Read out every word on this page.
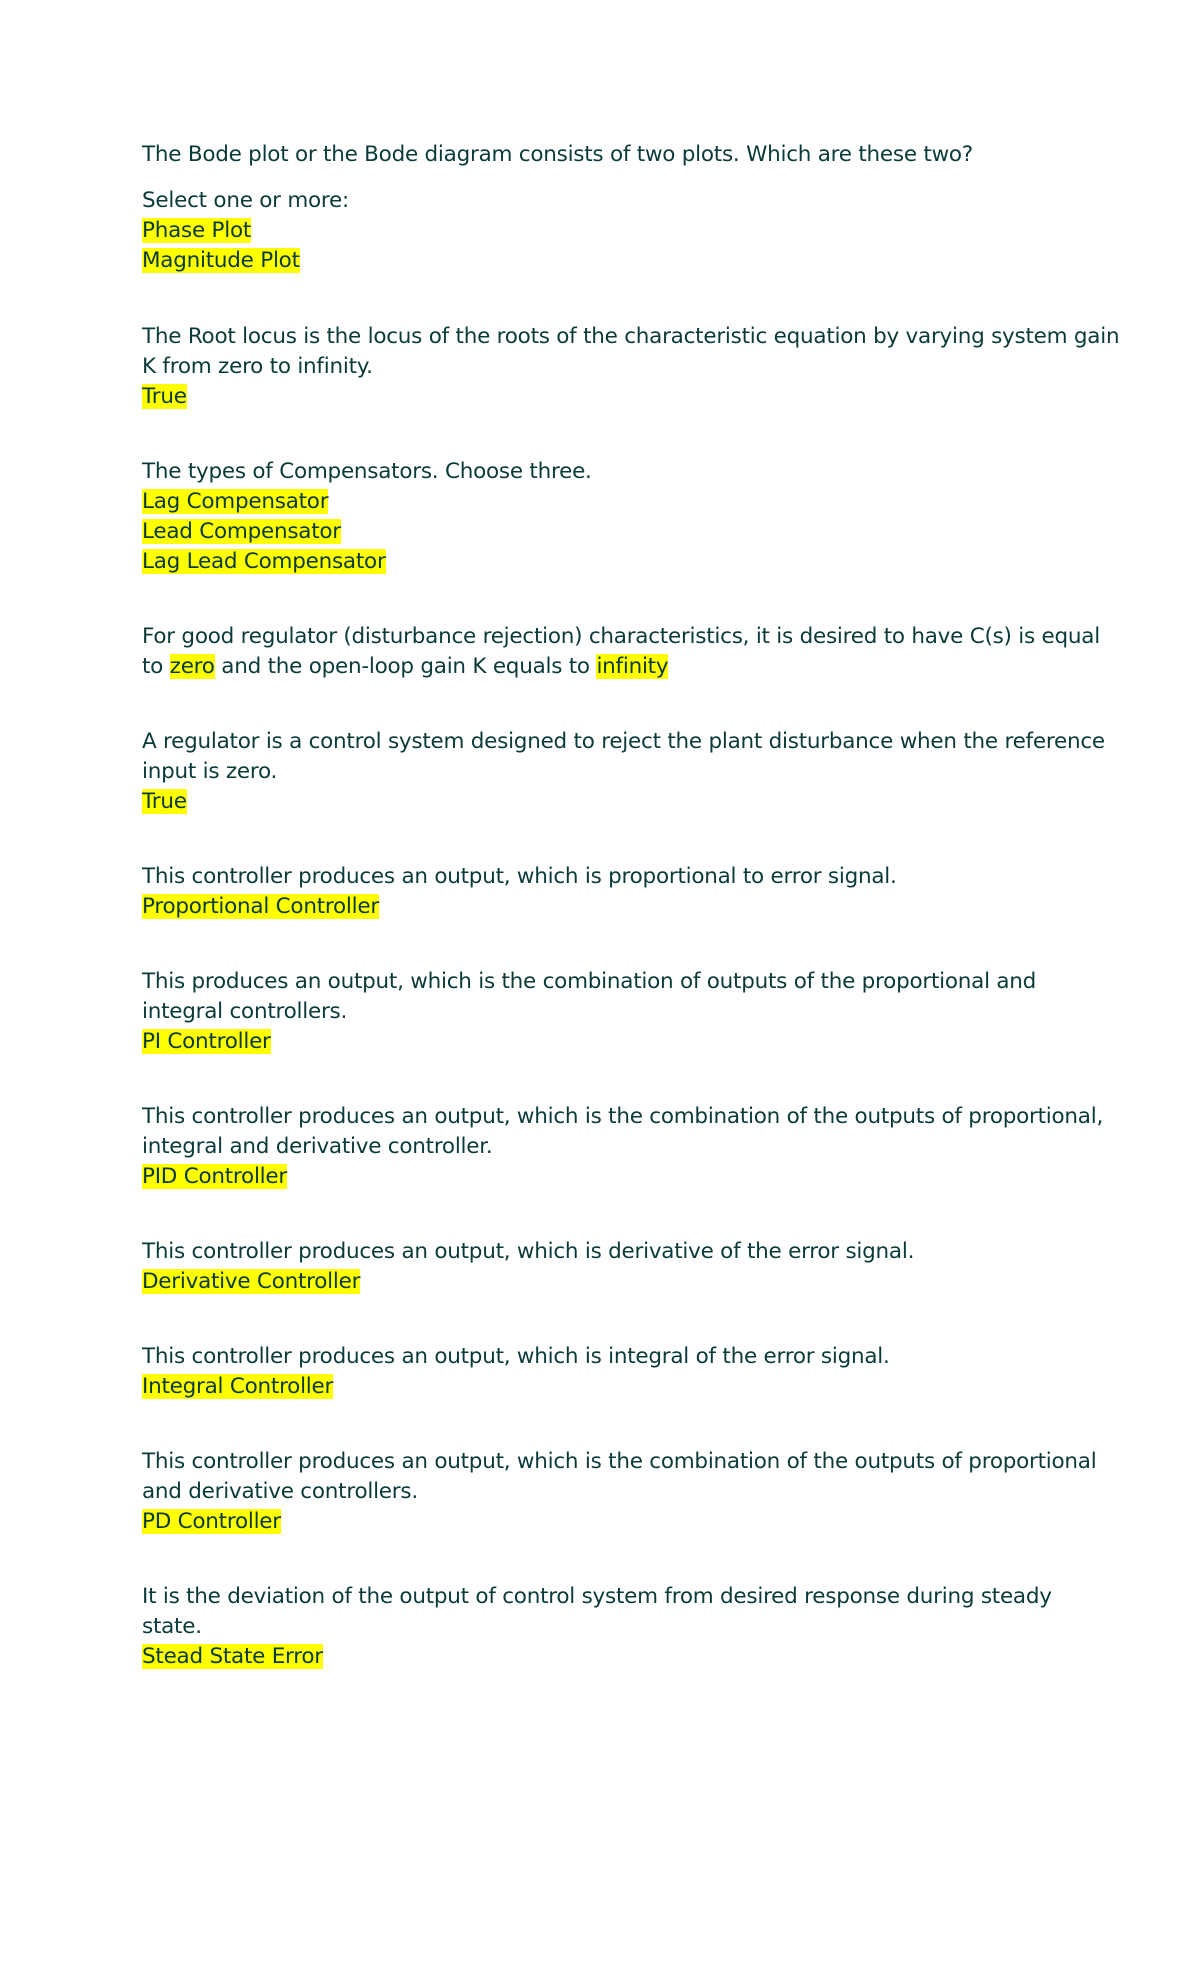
The Bode plot or the Bode diagram consists of two plots. Which are these two?
Select one or more:
Phase Plot
Magnitude Plot
The Root locus is the locus of the roots of the characteristic equation by varying system gain
K from zero to infinity.
True
The types of Compensators. Choose three.
Lag Compensator
Lead Compensator
Lag Lead Compensator
For good regulator (disturbance rejection) characteristics, it is desired to have C(s) is equal
to zero and the open-loop gain K equals to infinity
A regulator is a control system designed to reject the plant disturbance when the reference
input is zero.
True
This controller produces an output, which is proportional to error signal.
Proportional Controller
This produces an output, which is the combination of outputs of the proportional and
integral controllers.
PI Controller
This controller produces an output, which is the combination of the outputs of proportional,
integral and derivative controller.
PID Controller
This controller produces an output, which is derivative of the error signal.
Derivative Controller
This controller produces an output, which is integral of the error signal.
Integral Controller
This controller produces an output, which is the combination of the outputs of proportional
and derivative controllers.
PD Controller
It is the deviation of the output of control system from desired response during steady
state.
Stead State Error
